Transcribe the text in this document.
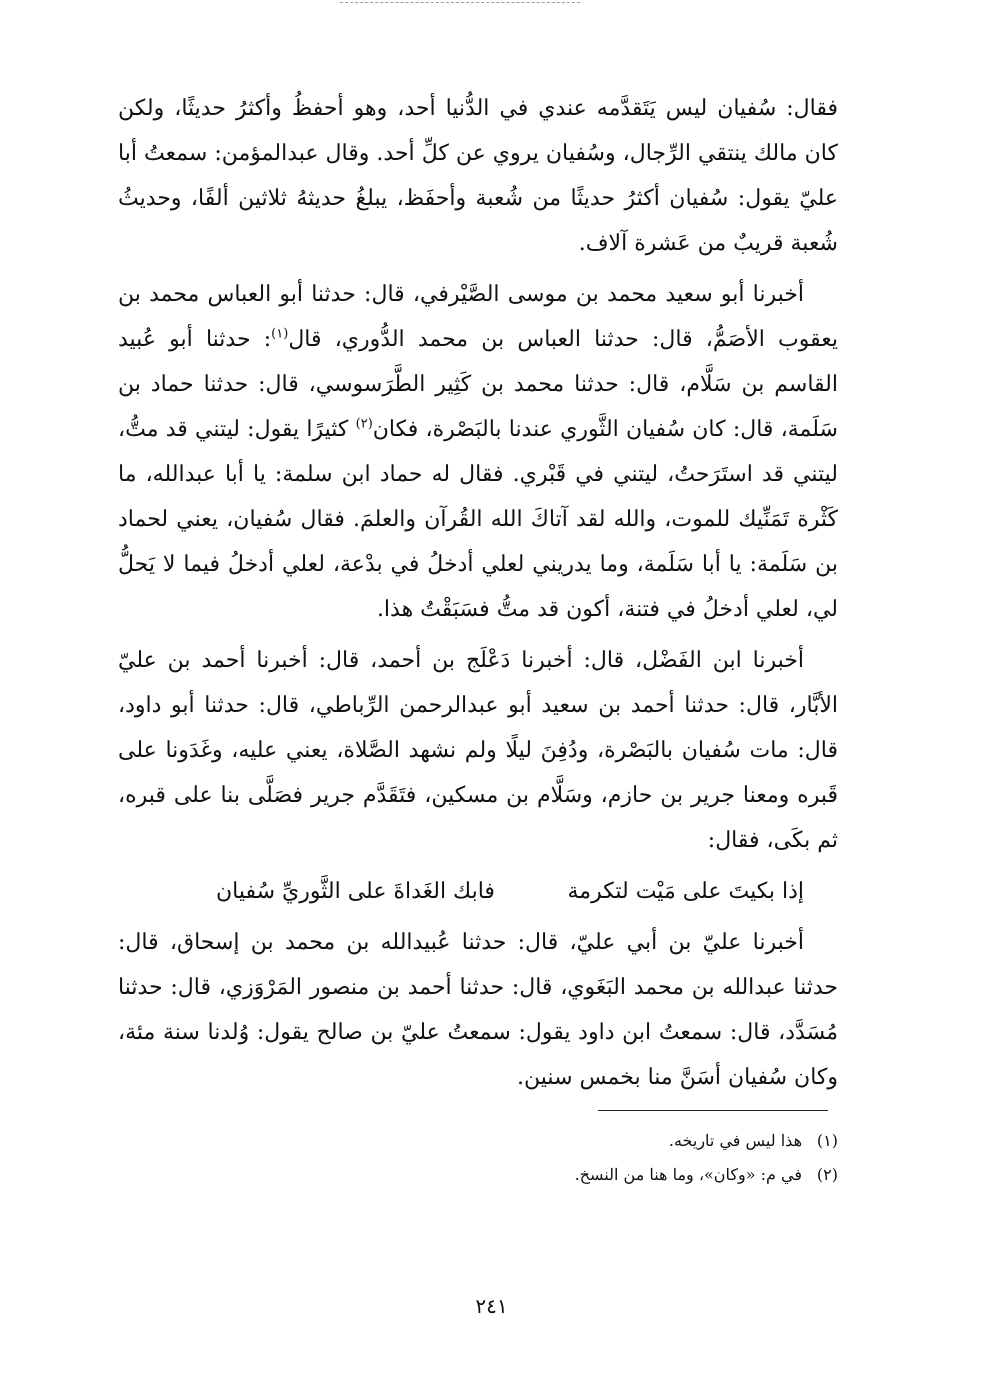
فقال: سُفيان ليس يَتَقدَّمه عندي في الدُّنيا أحد، وهو أحفظُ وأكثرُ حديثًا، ولكن كان مالك ينتقي الرِّجال، وسُفيان يروي عن كلِّ أحد. وقال عبدالمؤمن: سمعتُ أبا عليّ يقول: سُفيان أكثرُ حديثًا من شُعبة وأحفَظ، يبلغُ حديثهُ ثلاثين ألفًا، وحديثُ شُعبة قريبٌ من عَشرة آلاف.

أخبرنا أبو سعيد محمد بن موسى الصَّيْرفي، قال: حدثنا أبو العباس محمد بن يعقوب الأصَمُّ، قال: حدثنا العباس بن محمد الدُّوري، قال$^{(١)}$: حدثنا أبو عُبيد القاسم بن سَلَّام، قال: حدثنا محمد بن كَثِير الطَّرَسوسي، قال: حدثنا حماد بن سَلَمة، قال: كان سُفيان الثَّوري عندنا بالبَصْرة، فكان$^{(٢)}$ كثيرًا يقول: ليتني قد متُّ، ليتني قد استَرَحتُ، ليتني في قَبْري. فقال له حماد ابن سلمة: يا أبا عبدالله، ما كَثْرة تَمَنِّيك للموت، والله لقد آتاكَ الله القُرآن والعلمَ. فقال سُفيان، يعني لحماد بن سَلَمة: يا أبا سَلَمة، وما يدريني لعلي أدخلُ في بدْعة، لعلي أدخلُ فيما لا يَحلُّ لي، لعلي أدخلُ في فتنة، أكون قد متُّ فسَبَقْتُ هذا.

أخبرنا ابن الفَضْل، قال: أخبرنا دَعْلَج بن أحمد، قال: أخبرنا أحمد بن عليّ الأبَّار، قال: حدثنا أحمد بن سعيد أبو عبدالرحمن الرِّباطي، قال: حدثنا أبو داود، قال: مات سُفيان بالبَصْرة، ودُفِنَ ليلًا ولم نشهد الصَّلاة، يعني عليه، وغَدَونا على قَبره ومعنا جرير بن حازم، وسَلَّام بن مسكين، فتَقَدَّم جرير فصَلَّى بنا على قبره، ثم بكَى، فقال:

إذا بكيتَ على مَيْت لتكرمة
فابك الغَداةَ على الثَّوريِّ سُفيان

أخبرنا عليّ بن أبي عليّ، قال: حدثنا عُبيدالله بن محمد بن إسحاق، قال: حدثنا عبدالله بن محمد البَغَوي، قال: حدثنا أحمد بن منصور المَرْوَزي، قال: حدثنا مُسَدَّد، قال: سمعتُ ابن داود يقول: سمعتُ عليّ بن صالح يقول: وُلدنا سنة مئة، وكان سُفيان أسَنَّ منا بخمس سنين.

(١)هذا ليس في تاريخه.

(٢)في م: «وكان»، وما هنا من النسخ.

٢٤١
